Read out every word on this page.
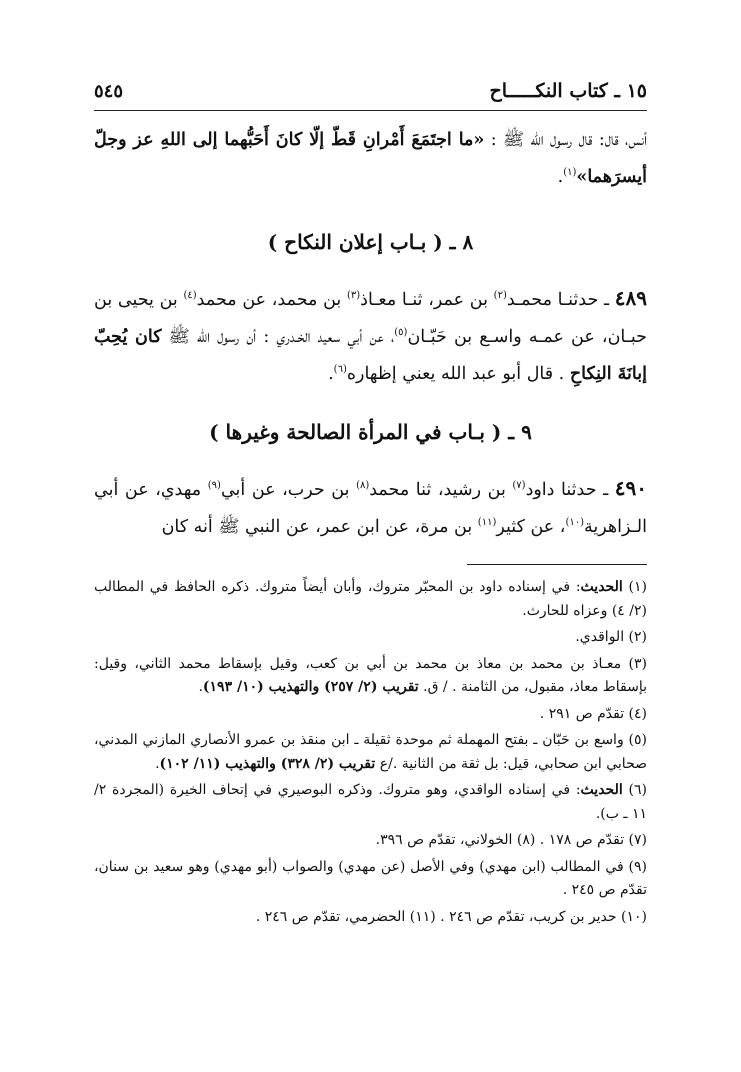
١٥ ـ كتاب النكـــــاح
٥٤٥

أنس، قال: قال رسول الله ﷺ : «ما اجتَمَعَ أَمْرانِ قَطّ إلّا كانَ أَحَبُّهما إلى اللهِ عز وجلّ أيسرَهما»$^{(١)}$.

٨ ـ ( بـاب إعلان النكاح )

٤٨٩ ـ حدثنـا محمـد$^{(٢)}$ بن عمر، ثنـا معـاذ$^{(٣)}$ بن محمد، عن محمد$^{(٤)}$ بن يحيى بن حبـان، عن عمـه واسـع بن حَبّـان$^{(٥)}$، عن أبي سعيد الخـدري : أن رسول الله ﷺ كان يُحِبّ إبانَةَ النِكاحِ . قال أبو عبد الله يعني إظهاره$^{(٦)}$.

٩ ـ ( بـاب في المرأة الصالحة وغيرها )

٤٩٠ ـ حدثنا داود$^{(٧)}$ بن رشيد، ثنا محمد$^{(٨)}$ بن حرب، عن أبي$^{(٩)}$ مهدي، عن أبي الـزاهرية$^{(١٠)}$، عن كثير$^{(١١)}$ بن مرة، عن ابن عمر، عن النبي ﷺ أنه كان

(١) الحديث: في إسناده داود بن المحبّر متروك، وأبان أيضاً متروك. ذكره الحافظ في المطالب (٢/ ٤) وعزاه للحارث.

(٢) الواقدي.

(٣) معـاذ بن محمد بن معاذ بن محمد بن أبي بن كعب، وقيل بإسقاط محمد الثاني، وقيل: بإسقاط معاذ، مقبول، من الثامنة . / ق. تقريب (٢/ ٢٥٧) والتهذيب (١٠/ ١٩٣).

(٤) تقدّم ص ٢٩١ .

(٥) واسع بن حَبّان ـ بفتح المهملة ثم موحدة ثقيلة ـ ابن منقذ بن عمرو الأنصاري المازني المدني، صحابي ابن صحابي، قيل: بل ثقة من الثانية ./ع تقريب (٢/ ٣٢٨) والتهذيب (١١/ ١٠٢).

(٦) الحديث: في إسناده الواقدي، وهو متروك. وذكره البوصيري في إتحاف الخيرة (المجردة ٢/ ١١ ـ ب).

(٧) تقدّم ص ١٧٨ . (٨) الخولاني، تقدّم ص ٣٩٦.

(٩) في المطالب (ابن مهدي) وفي الأصل (عن مهدي) والصواب (أبو مهدي) وهو سعيد بن سنان، تقدّم ص ٢٤٥ .

(١٠) حدير بن كريب، تقدّم ص ٢٤٦ . (١١) الحضرمي، تقدّم ص ٢٤٦ .
